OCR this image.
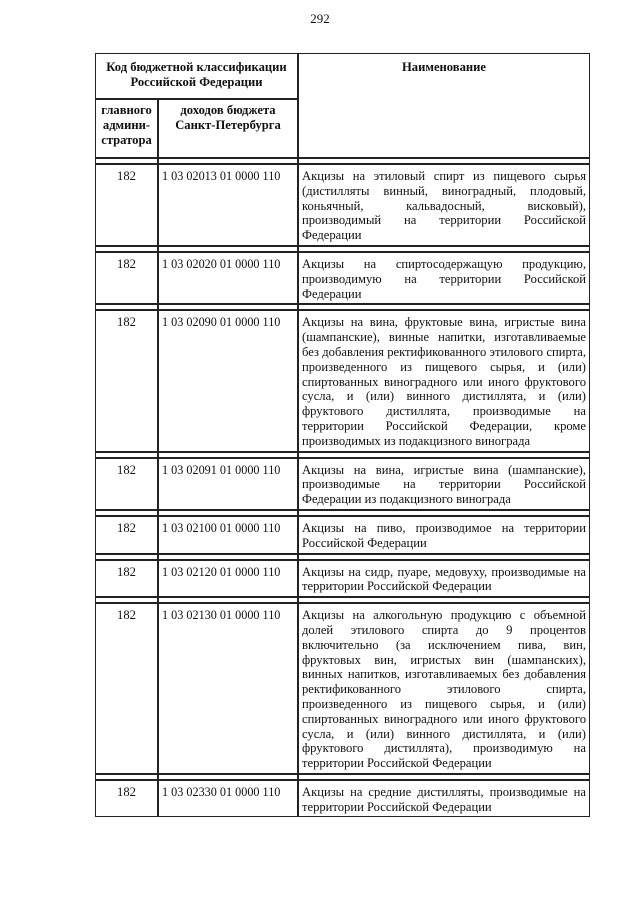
292
Код бюджетной классификации Российской Федерации		Наименование
главного админи-стратора	доходов бюджета Санкт-Петербурга	

182	1 03 02013 01 0000 110	Акцизы на этиловый спирт из пищевого сырья (дистилляты винный, виноградный, плодовый, коньячный, кальвадосный, висковый), производимый на территории Российской Федерации

182	1 03 02020 01 0000 110	Акцизы на спиртосодержащую продукцию, производимую на территории Российской Федерации

182	1 03 02090 01 0000 110	Акцизы на вина, фруктовые вина, игристые вина (шампанские), винные напитки, изготавливаемые без добавления ректификованного этилового спирта, произведенного из пищевого сырья, и (или) спиртованных виноградного или иного фруктового сусла, и (или) винного дистиллята, и (или) фруктового дистиллята, производимые на территории Российской Федерации, кроме производимых из подакцизного винограда

182	1 03 02091 01 0000 110	Акцизы на вина, игристые вина (шампанские), производимые на территории Российской Федерации из подакцизного винограда

182	1 03 02100 01 0000 110	Акцизы на пиво, производимое на территории Российской Федерации

182	1 03 02120 01 0000 110	Акцизы на сидр, пуаре, медовуху, производимые на территории Российской Федерации

182	1 03 02130 01 0000 110	Акцизы на алкогольную продукцию с объемной долей этилового спирта до 9 процентов включительно (за исключением пива, вин, фруктовых вин, игристых вин (шампанских), винных напитков, изготавливаемых без добавления ректификованного этилового спирта, произведенного из пищевого сырья, и (или) спиртованных виноградного или иного фруктового сусла, и (или) винного дистиллята, и (или) фруктового дистиллята), производимую на территории Российской Федерации

182	1 03 02330 01 0000 110	Акцизы на средние дистилляты, производимые на территории Российской Федерации
